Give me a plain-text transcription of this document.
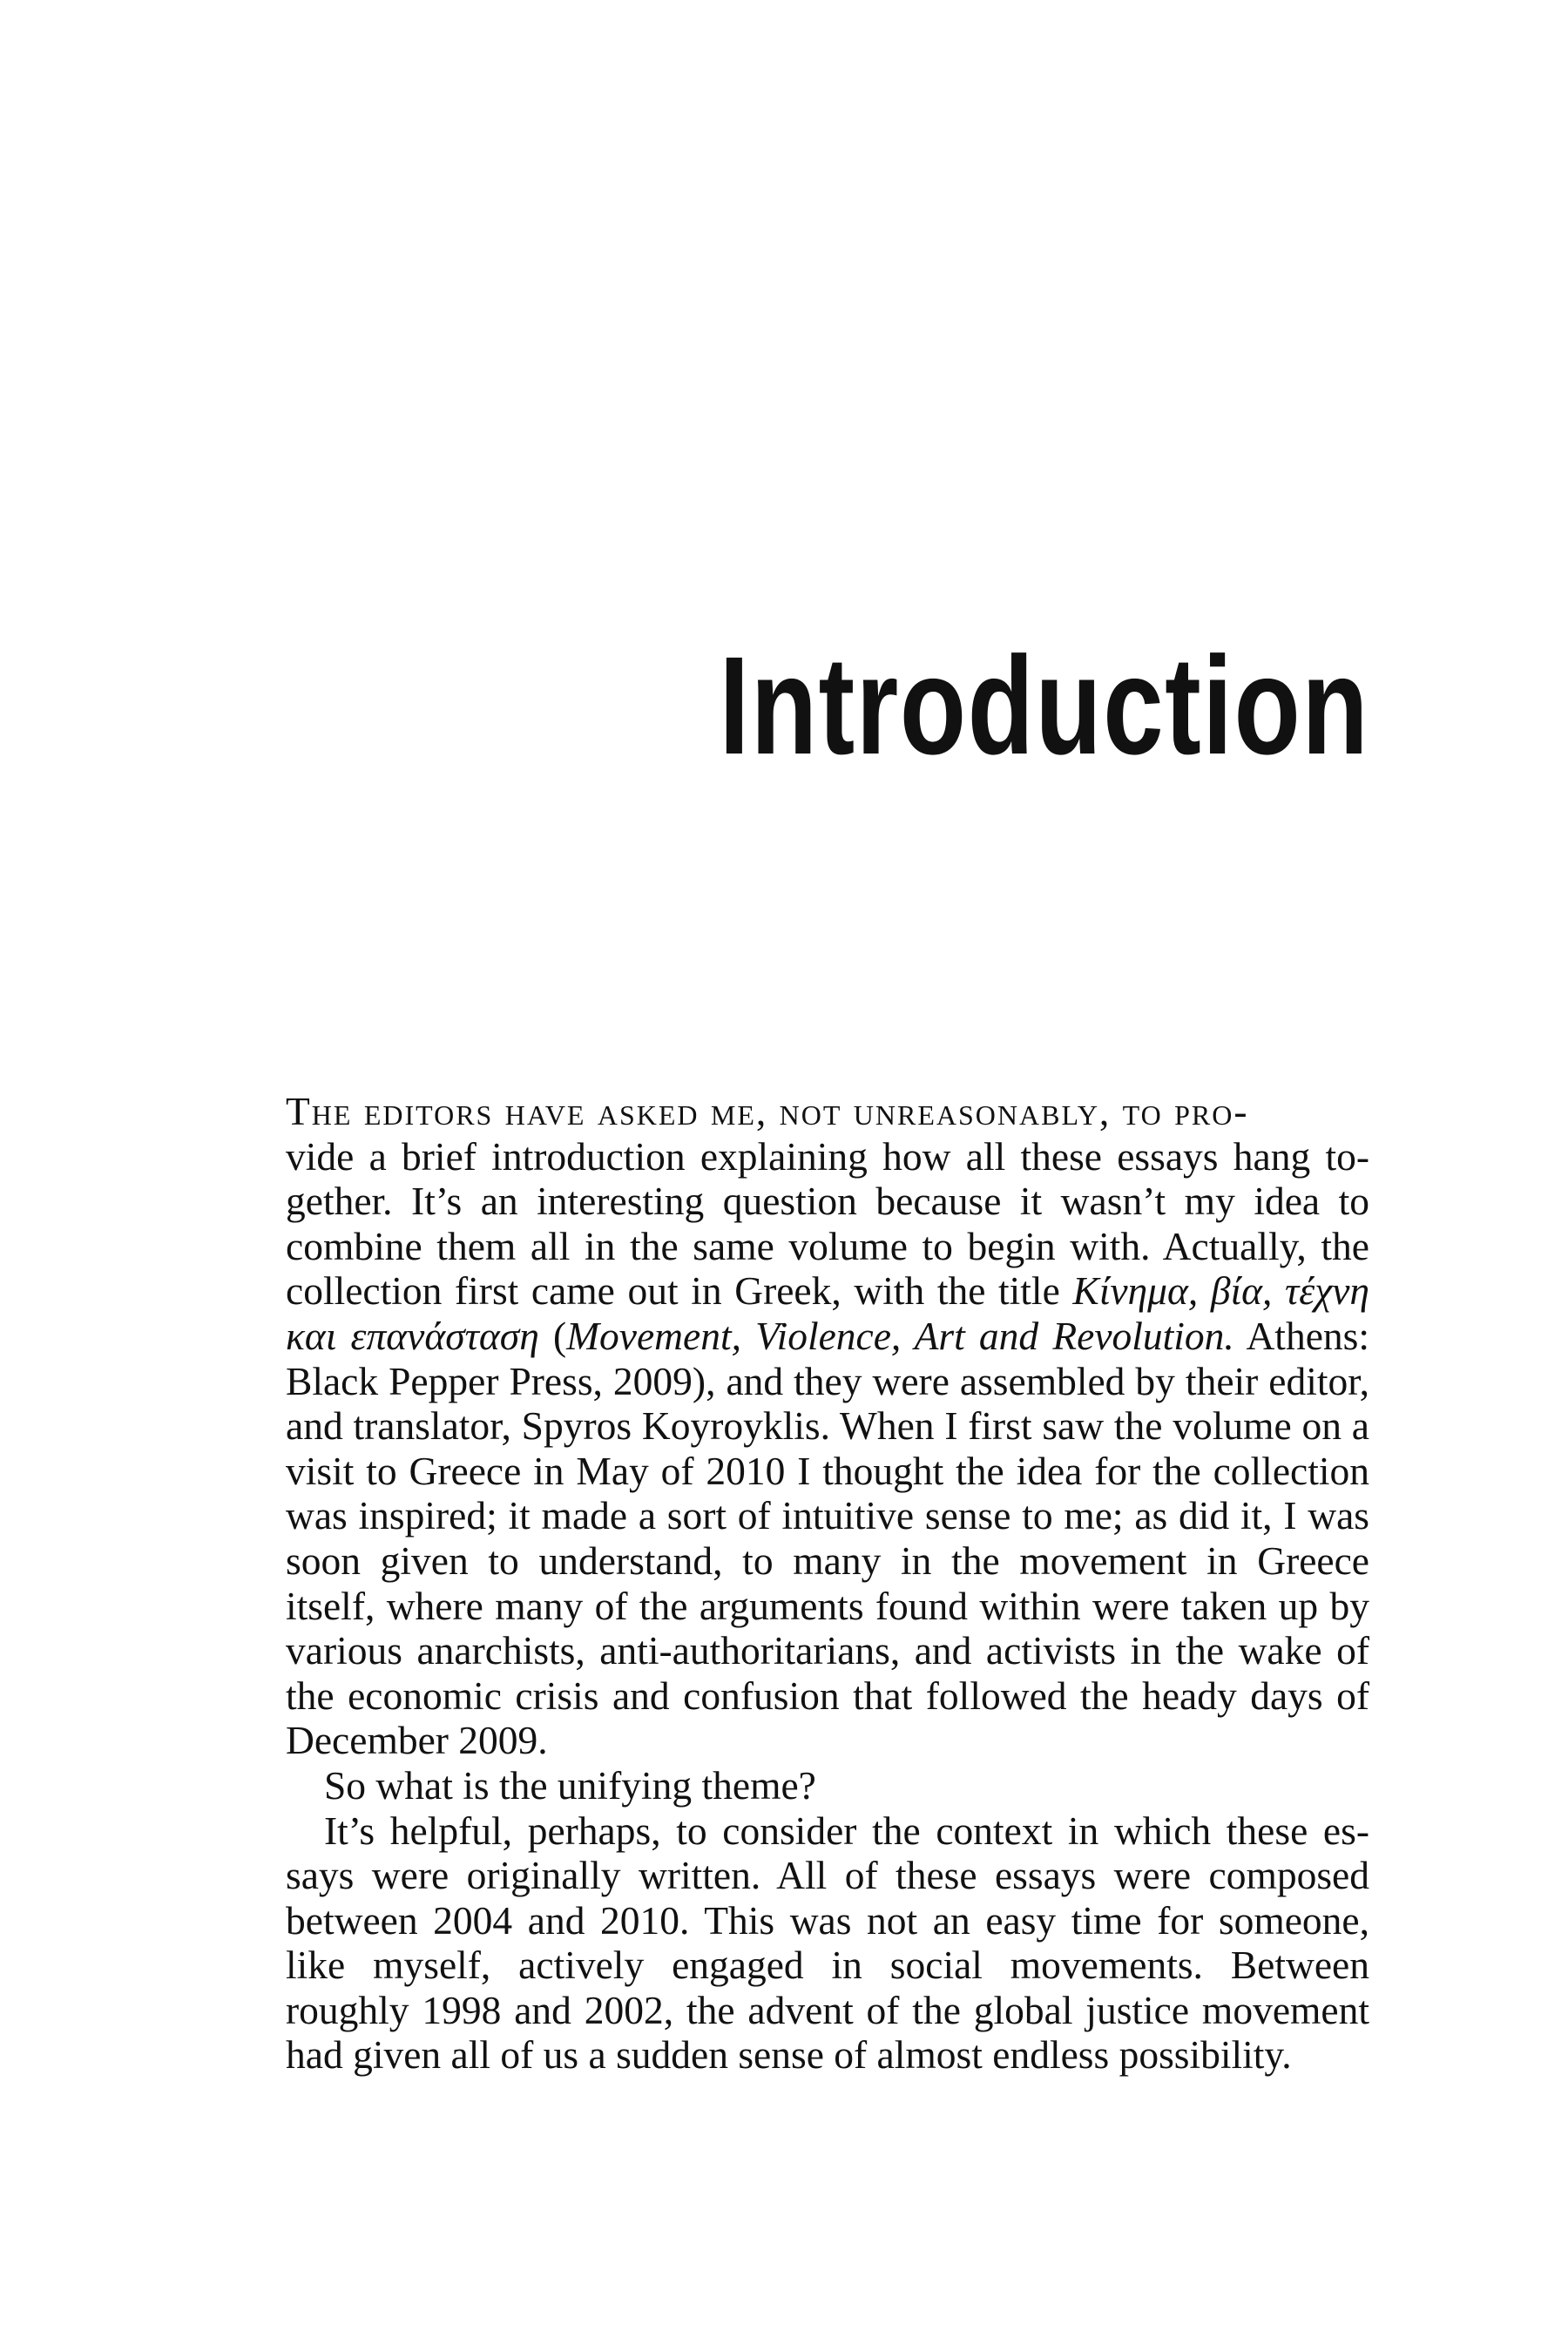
Introduction

The editors have asked me, not unreasonably, to pro-
vide a brief introduction explaining how all these essays hang together. It’s an interesting question because it wasn’t my idea to combine them all in the same volume to begin with. Actually, the collection first came out in Greek, with the title Κίνημα, βία, τέχνη και επανάσταση (Movement, Violence, Art and Revolution. Athens: Black Pepper Press, 2009), and they were assembled by their editor, and translator, Spyros Koyroyklis. When I first saw the volume on a visit to Greece in May of 2010 I thought the idea for the collection was inspired; it made a sort of intuitive sense to me; as did it, I was soon given to understand, to many in the movement in Greece itself, where many of the arguments found within were taken up by various anarchists, anti-authoritarians, and activists in the wake of the economic crisis and confusion that followed the heady days of December 2009.

So what is the unifying theme?

It’s helpful, perhaps, to consider the context in which these essays were originally written. All of these essays were composed between 2004 and 2010. This was not an easy time for someone, like myself, actively engaged in social movements. Between roughly 1998 and 2002, the advent of the global justice movement had given all of us a sudden sense of almost endless possibility.
